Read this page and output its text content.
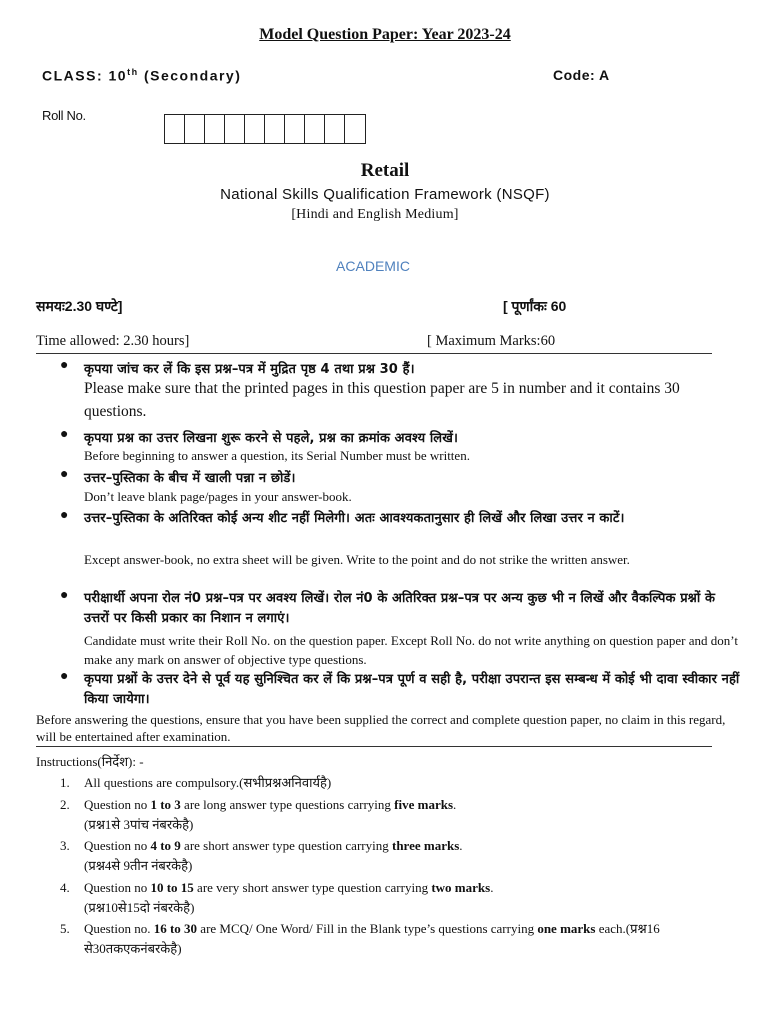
Model Question Paper: Year 2023-24
CLASS: 10th (Secondary)	Code: A
Roll No.
Retail
National Skills Qualification Framework (NSQF)
[Hindi and English Medium]
ACADEMIC
समयः2.30 घण्टे]	[ पूर्णांकः 60
Time allowed: 2.30 hours]	[ Maximum Marks:60
● कृपया जांच कर लें कि इस प्रश्न–पत्र में मुद्रित पृष्ठ 4 तथा प्रश्न 30 हैं।
Please make sure that the printed pages in this question paper are 5 in number and it contains 30 questions.
● कृपया प्रश्न का उत्तर लिखना शुरू करने से पहले, प्रश्न का क्रमांक अवश्य लिखें।
Before beginning to answer a question, its Serial Number must be written.
● उत्तर–पुस्तिका के बीच में खाली पन्ना न छोडें।
Don’t leave blank page/pages in your answer-book.
● उत्तर–पुस्तिका के अतिरिक्त कोई अन्य शीट नहीं मिलेगी। अतः आवश्यकतानुसार ही लिखें और लिखा उत्तर न काटें।
Except answer-book, no extra sheet will be given. Write to the point and do not strike the written answer.
● परीक्षार्थी अपना रोल नं0 प्रश्न–पत्र पर अवश्य लिखें। रोल नं0 के अतिरिक्त प्रश्न–पत्र पर अन्य कुछ भी न लिखें और वैकल्पिक प्रश्नों के उत्तरों पर किसी प्रकार का निशान न लगाएं।
Candidate must write their Roll No. on the question paper. Except Roll No. do not write anything on question paper and don’t make any mark on answer of objective type questions.
● कृपया प्रश्नों के उत्तर देने से पूर्व यह सुनिश्चित कर लें कि प्रश्न–पत्र पूर्ण व सही है, परीक्षा उपरान्त इस सम्बन्ध में कोई भी दावा स्वीकार नहीं किया जायेगा।
Before answering the questions, ensure that you have been supplied the correct and complete question paper, no claim in this regard, will be entertained after examination.
Instructions(निर्देश): -
1. All questions are compulsory.(सभीप्रश्नअनिवार्यहै)
2. Question no 1 to 3 are long answer type questions carrying five marks.
(प्रश्न1से 3पांच नंबरकेहै)
3. Question no 4 to 9 are short answer type question carrying three marks.
(प्रश्न4से 9तीन नंबरकेहै)
4. Question no 10 to 15 are very short answer type question carrying two marks.
(प्रश्न10से15दो नंबरकेहै)
5. Question no. 16 to 30 are MCQ/ One Word/ Fill in the Blank type’s questions carrying one marks each.(प्रश्न16 से30तकएकनंबरकेहै)
